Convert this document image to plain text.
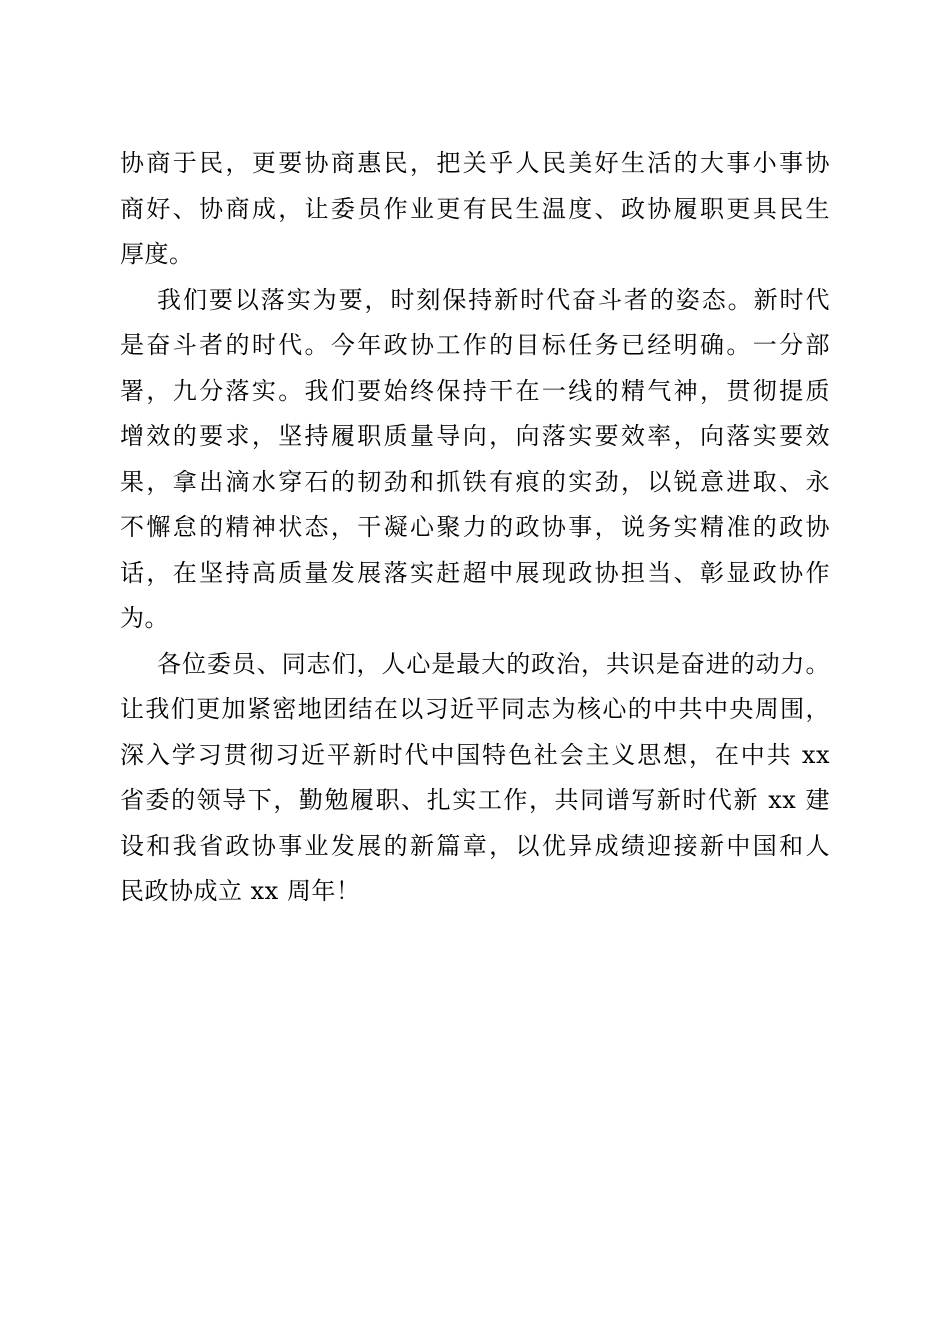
协商于民，更要协商惠民，把关乎人民美好生活的大事小事协
商好、协商成，让委员作业更有民生温度、政协履职更具民生
厚度。
我们要以落实为要，时刻保持新时代奋斗者的姿态。新时代
是奋斗者的时代。今年政协工作的目标任务已经明确。一分部
署，九分落实。我们要始终保持干在一线的精气神，贯彻提质
增效的要求，坚持履职质量导向，向落实要效率，向落实要效
果，拿出滴水穿石的韧劲和抓铁有痕的实劲，以锐意进取、永
不懈怠的精神状态，干凝心聚力的政协事，说务实精准的政协
话，在坚持高质量发展落实赶超中展现政协担当、彰显政协作
为。
各位委员、同志们，人心是最大的政治，共识是奋进的动力。
让我们更加紧密地团结在以习近平同志为核心的中共中央周围，
深入学习贯彻习近平新时代中国特色社会主义思想，在中共 xx
省委的领导下，勤勉履职、扎实工作，共同谱写新时代新 xx 建
设和我省政协事业发展的新篇章，以优异成绩迎接新中国和人
民政协成立 xx 周年！
